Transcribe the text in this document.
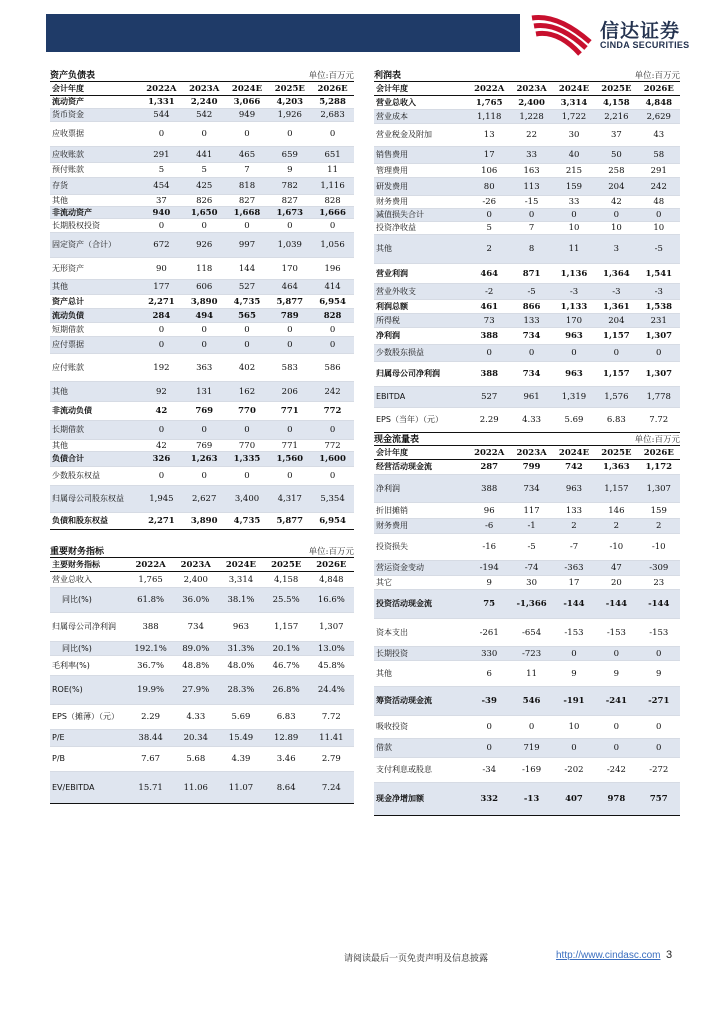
信达证券
CINDA SECURITIES
资产负债表	单位:百万元
会计年度	2022A	2023A	2024E	2025E	2026E
流动资产	1,331	2,240	3,066	4,203	5,288
货币资金	544	542	949	1,926	2,683
应收票据	0	0	0	0	0
应收账款	291	441	465	659	651
预付账款	5	5	7	9	11
存货	454	425	818	782	1,116
其他	37	826	827	827	828
非流动资产	940	1,650	1,668	1,673	1,666
长期股权投资	0	0	0	0	0
固定资产（合计）	672	926	997	1,039	1,056
无形资产	90	118	144	170	196
其他	177	606	527	464	414
资产总计	2,271	3,890	4,735	5,877	6,954
流动负债	284	494	565	789	828
短期借款	0	0	0	0	0
应付票据	0	0	0	0	0
应付账款	192	363	402	583	586
其他	92	131	162	206	242
非流动负债	42	769	770	771	772
长期借款	0	0	0	0	0
其他	42	769	770	771	772
负债合计	326	1,263	1,335	1,560	1,600
少数股东权益	0	0	0	0	0
归属母公司股东权益	1,945	2,627	3,400	4,317	5,354
负债和股东权益	2,271	3,890	4,735	5,877	6,954
利润表	单位:百万元
会计年度	2022A	2023A	2024E	2025E	2026E
营业总收入	1,765	2,400	3,314	4,158	4,848
营业成本	1,118	1,228	1,722	2,216	2,629
营业税金及附加	13	22	30	37	43
销售费用	17	33	40	50	58
管理费用	106	163	215	258	291
研发费用	80	113	159	204	242
财务费用	-26	-15	33	42	48
减值损失合计	0	0	0	0	0
投资净收益	5	7	10	10	10
其他	2	8	11	3	-5
营业利润	464	871	1,136	1,364	1,541
营业外收支	-2	-5	-3	-3	-3
利润总额	461	866	1,133	1,361	1,538
所得税	73	133	170	204	231
净利润	388	734	963	1,157	1,307
少数股东损益	0	0	0	0	0
归属母公司净利润	388	734	963	1,157	1,307
EBITDA	527	961	1,319	1,576	1,778
EPS（当年）（元）	2.29	4.33	5.69	6.83	7.72
重要财务指标	单位:百万元
主要财务指标	2022A	2023A	2024E	2025E	2026E
营业总收入	1,765	2,400	3,314	4,158	4,848
同比(%)	61.8%	36.0%	38.1%	25.5%	16.6%
归属母公司净利润	388	734	963	1,157	1,307
同比(%)	192.1%	89.0%	31.3%	20.1%	13.0%
毛利率(%)	36.7%	48.8%	48.0%	46.7%	45.8%
ROE(%)	19.9%	27.9%	28.3%	26.8%	24.4%
EPS（摊薄）（元）	2.29	4.33	5.69	6.83	7.72
P/E	38.44	20.34	15.49	12.89	11.41
P/B	7.67	5.68	4.39	3.46	2.79
EV/EBITDA	15.71	11.06	11.07	8.64	7.24
现金流量表	单位:百万元
会计年度	2022A	2023A	2024E	2025E	2026E
经营活动现金流	287	799	742	1,363	1,172
净利润	388	734	963	1,157	1,307
折旧摊销	96	117	133	146	159
财务费用	-6	-1	2	2	2
投资损失	-16	-5	-7	-10	-10
营运资金变动	-194	-74	-363	47	-309
其它	9	30	17	20	23
投资活动现金流	75	-1,366	-144	-144	-144
资本支出	-261	-654	-153	-153	-153
长期投资	330	-723	0	0	0
其他	6	11	9	9	9
筹资活动现金流	-39	546	-191	-241	-271
吸收投资	0	0	10	0	0
借款	0	719	0	0	0
支付利息或股息	-34	-169	-202	-242	-272
现金净增加额	332	-13	407	978	757
请阅读最后一页免责声明及信息披露	http://www.cindasc.com 3
